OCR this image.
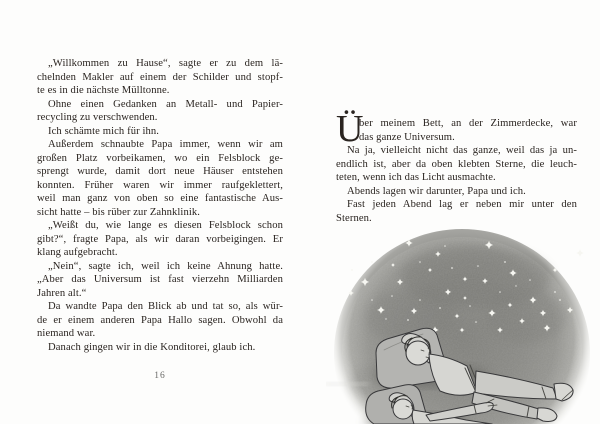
„Willkommen zu Hause“, sagte er zu dem lä-
chelnden Makler auf einem der Schilder und stopf-
te es in die nächste Mülltonne.
Ohne einen Gedanken an Metall- und Papier-
recycling zu verschwenden.
Ich schämte mich für ihn.
Außerdem schnaubte Papa immer, wenn wir am
großen Platz vorbeikamen, wo ein Felsblock ge-
sprengt wurde, damit dort neue Häuser entstehen
konnten. Früher waren wir immer raufgeklettert,
weil man ganz von oben so eine fantastische Aus-
sicht hatte – bis rüber zur Zahnklinik.
„Weißt du, wie lange es diesen Felsblock schon
gibt?“, fragte Papa, als wir daran vorbeigingen. Er
klang aufgebracht.
„Nein“, sagte ich, weil ich keine Ahnung hatte.
„Aber das Universum ist fast vierzehn Milliarden
Jahren alt.“
Da wandte Papa den Blick ab und tat so, als wür-
de er einem anderen Papa Hallo sagen. Obwohl da
niemand war.
Danach gingen wir in die Konditorei, glaub ich.
16
Ü
ber meinem Bett, an der Zimmerdecke, war
das ganze Universum.
Na ja, vielleicht nicht das ganze, weil das ja un-
endlich ist, aber da oben klebten Sterne, die leuch-
teten, wenn ich das Licht ausmachte.
Abends lagen wir darunter, Papa und ich.
Fast jeden Abend lag er neben mir unter den
Sternen.
